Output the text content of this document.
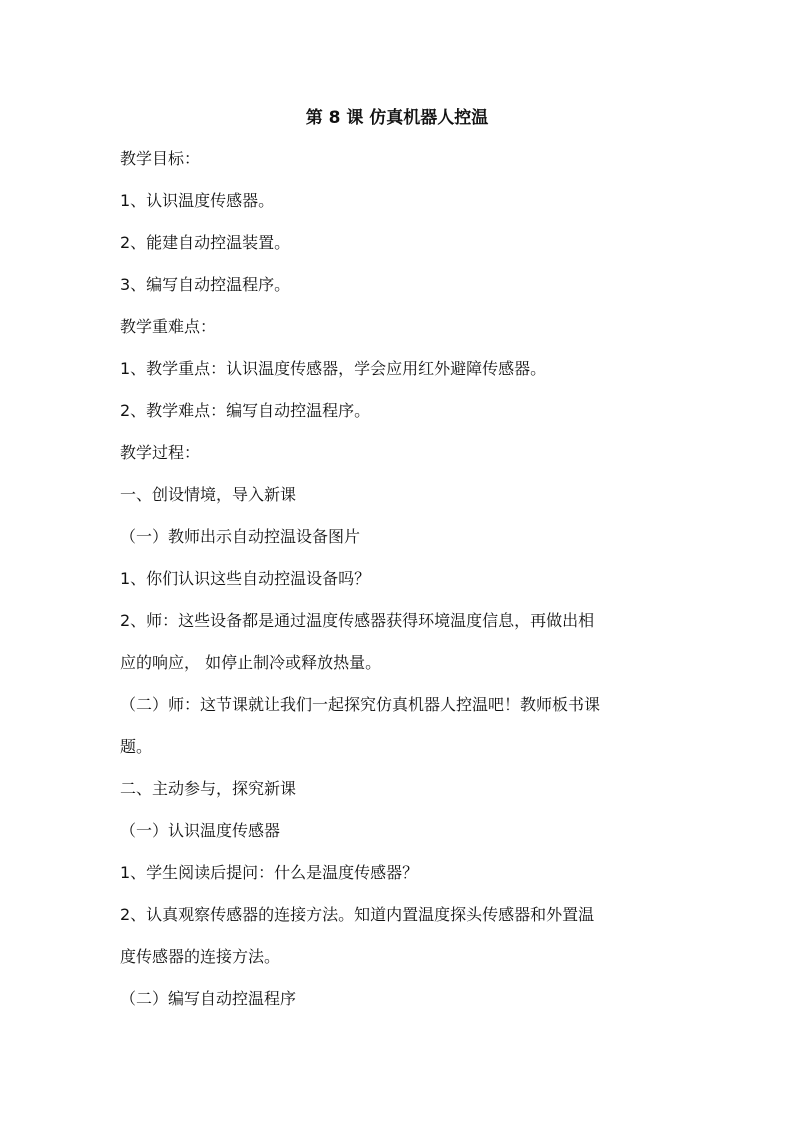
第 8 课 仿真机器人控温

教学目标：

1、认识温度传感器。

2、能建自动控温装置。

3、编写自动控温程序。

教学重难点：

1、教学重点：认识温度传感器，学会应用红外避障传感器。

2、教学难点：编写自动控温程序。

教学过程：

一、创设情境，导入新课

（一）教师出示自动控温设备图片

1、你们认识这些自动控温设备吗？

2、师：这些设备都是通过温度传感器获得环境温度信息，再做出相

应的响应， 如停止制冷或释放热量。

（二）师：这节课就让我们一起探究仿真机器人控温吧！教师板书课

题。

二、主动参与，探究新课

（一）认识温度传感器

1、学生阅读后提问：什么是温度传感器？

2、认真观察传感器的连接方法。知道内置温度探头传感器和外置温

度传感器的连接方法。

（二）编写自动控温程序
